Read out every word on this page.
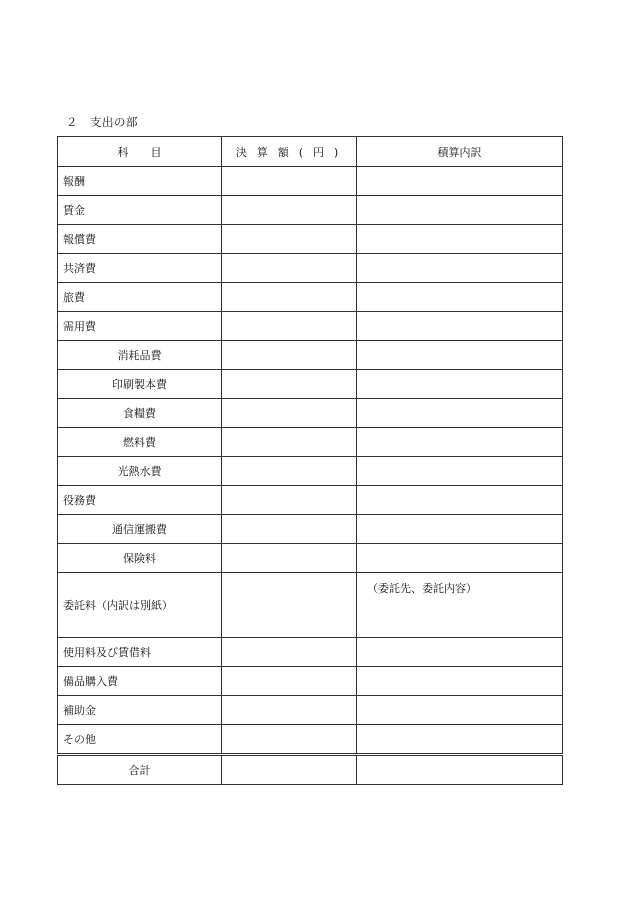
２　支出の部
科目	決算額(円)	積算内訳
報酬		
賃金		
報償費		
共済費		
旅費		
需用費		
消耗品費		
印刷製本費		
食糧費		
燃料費		
光熱水費		
役務費		
通信運搬費		
保険料		
委託料（内訳は別紙）		（委託先、委託内容）
使用料及び賃借料		
備品購入費		
補助金		
その他		
合計		
